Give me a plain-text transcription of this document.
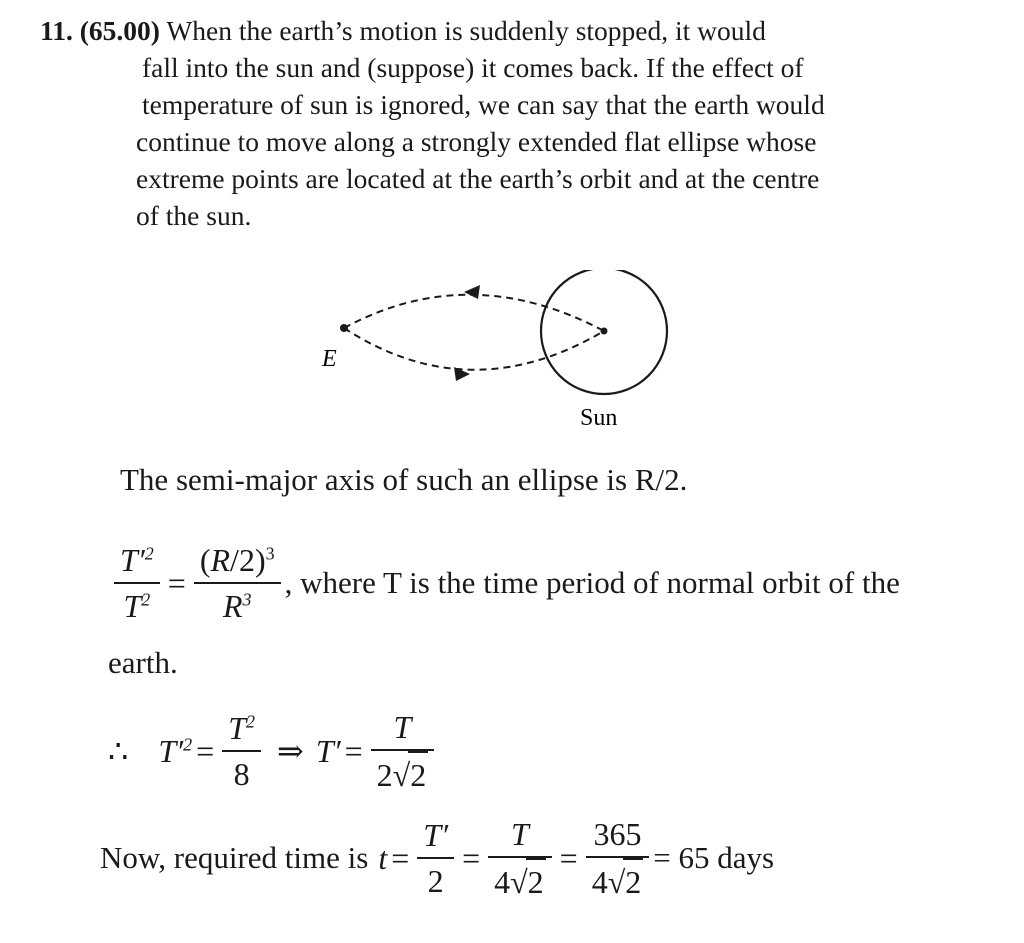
11. (65.00) When the earth’s motion is suddenly stopped, it would
fall into the sun and (suppose) it comes back. If the effect of
temperature of sun is ignored, we can say that the earth would
continue to move along a strongly extended flat ellipse whose
extreme points are located at the earth’s orbit and at the centre
of the sun.
E
Sun
The semi-major axis of such an ellipse is R/2.
$\frac{T'^2}{T^2} = \frac{(R/2)^3}{R^3}$ , where T is the time period of normal orbit of the
earth.
∴ $T'^2 = \frac{T^2}{8}$ ⇒ $T' = \frac{T}{2√2}$
Now, required time is $t = \frac{T'}{2} = \frac{T}{4√2} = \frac{365}{4√2} = 65$ days
